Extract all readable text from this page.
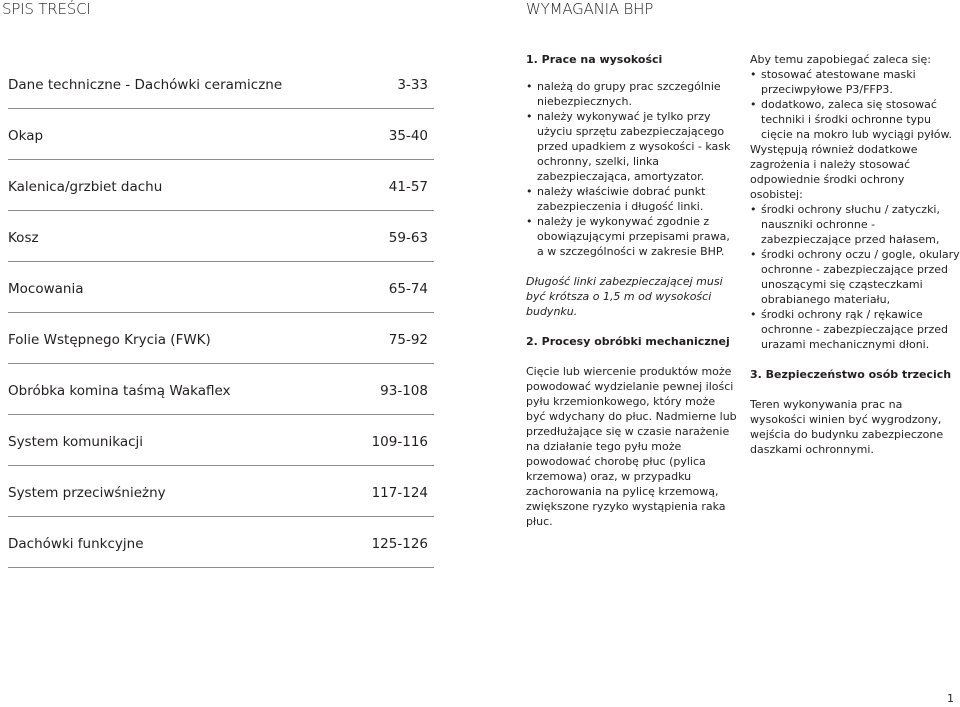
SPIS TREŚCI	WYMAGANIA BHP
Dane techniczne - Dachówki ceramiczne	3-33
Okap	35-40
Kalenica/grzbiet dachu	41-57
Kosz	59-63
Mocowania	65-74
Folie Wstępnego Krycia (FWK)	75-92
Obróbka komina taśmą Wakaflex	93-108
System komunikacji	109-116
System przeciwśnieżny	117-124
Dachówki funkcyjne	125-126
1. Prace na wysokości
• należą do grupy prac szczególnie niebezpiecznych.
• należy wykonywać je tylko przy użyciu sprzętu zabezpieczającego przed upadkiem z wysokości - kask ochronny, szelki, linka zabezpieczająca, amortyzator.
• należy właściwie dobrać punkt zabezpieczenia i długość linki.
• należy je wykonywać zgodnie z obowiązującymi przepisami prawa, a w szczególności w zakresie BHP.

Długość linki zabezpieczającej musi być krótsza o 1,5 m od wysokości budynku.

2. Procesy obróbki mechanicznej

Cięcie lub wiercenie produktów może powodować wydzielanie pewnej ilości pyłu krzemionkowego, który może być wdychany do płuc. Nadmierne lub przedłużające się w czasie narażenie na działanie tego pyłu może powodować chorobę płuc (pylica krzemowa) oraz, w przypadku zachorowania na pylicę krzemową, zwiększone ryzyko wystąpienia raka płuc.

Aby temu zapobiegać zaleca się:

• stosować atestowane maski przeciwpyłowe P3/FFP3.
• dodatkowo, zaleca się stosować techniki i środki ochronne typu cięcie na mokro lub wyciągi pyłów.

Występują również dodatkowe zagrożenia i należy stosować odpowiednie środki ochrony osobistej:

• środki ochrony słuchu / zatyczki, nauszniki ochronne - zabezpieczające przed hałasem,
• środki ochrony oczu / gogle, okulary ochronne - zabezpieczające przed unoszącymi się cząsteczkami obrabianego materiału,
• środki ochrony rąk / rękawice ochronne - zabezpieczające przed urazami mechanicznymi dłoni.
3. Bezpieczeństwo osób trzecich

Teren wykonywania prac na wysokości winien być wygrodzony, wejścia do budynku zabezpieczone daszkami ochronnymi.

1
